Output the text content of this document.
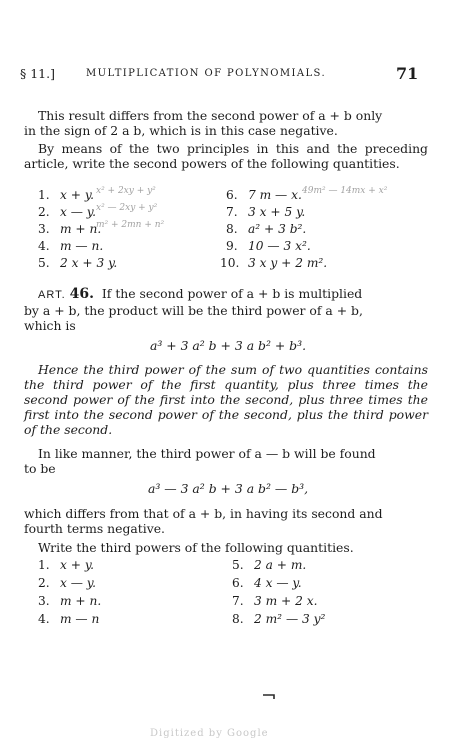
§ 11.]	MULTIPLICATION OF POLYNOMIALS.	71
This result differs from the second power of a + b only
in the sign of 2 a b, which is in this case negative.
By means of the two principles in this and the preceding article, write the second powers of the following quantities.
1. x + y.
2. x — y.
3. m + n.
4. m — n.
5. 2 x + 3 y.
6. 7 m — x.
7. 3 x + 5 y.
8. a² + 3 b².
9. 10 — 3 x².
10. 3 x y + 2 m².
x² + 2xy + y²
x² — 2xy + y²
m² + 2mn + n²
49m² — 14mx + x²
ART. 46. If the second power of a + b is multiplied
by a + b, the product will be the third power of a + b,
which is
a³ + 3 a² b + 3 a b² + b³.
Hence the third power of the sum of two quantities contains the third power of the first quantity, plus three times the second power of the first into the second, plus three times the first into the second power of the second, plus the third power of the second.
In like manner, the third power of a — b will be found
to be
a³ — 3 a² b + 3 a b² — b³,
which differs from that of a + b, in having its second and
fourth terms negative.
Write the third powers of the following quantities.
1. x + y.
2. x — y.
3. m + n.
4. m — n
5. 2 a + m.
6. 4 x — y.
7. 3 m + 2 x.
8. 2 m² — 3 y²
Digitized by Google
